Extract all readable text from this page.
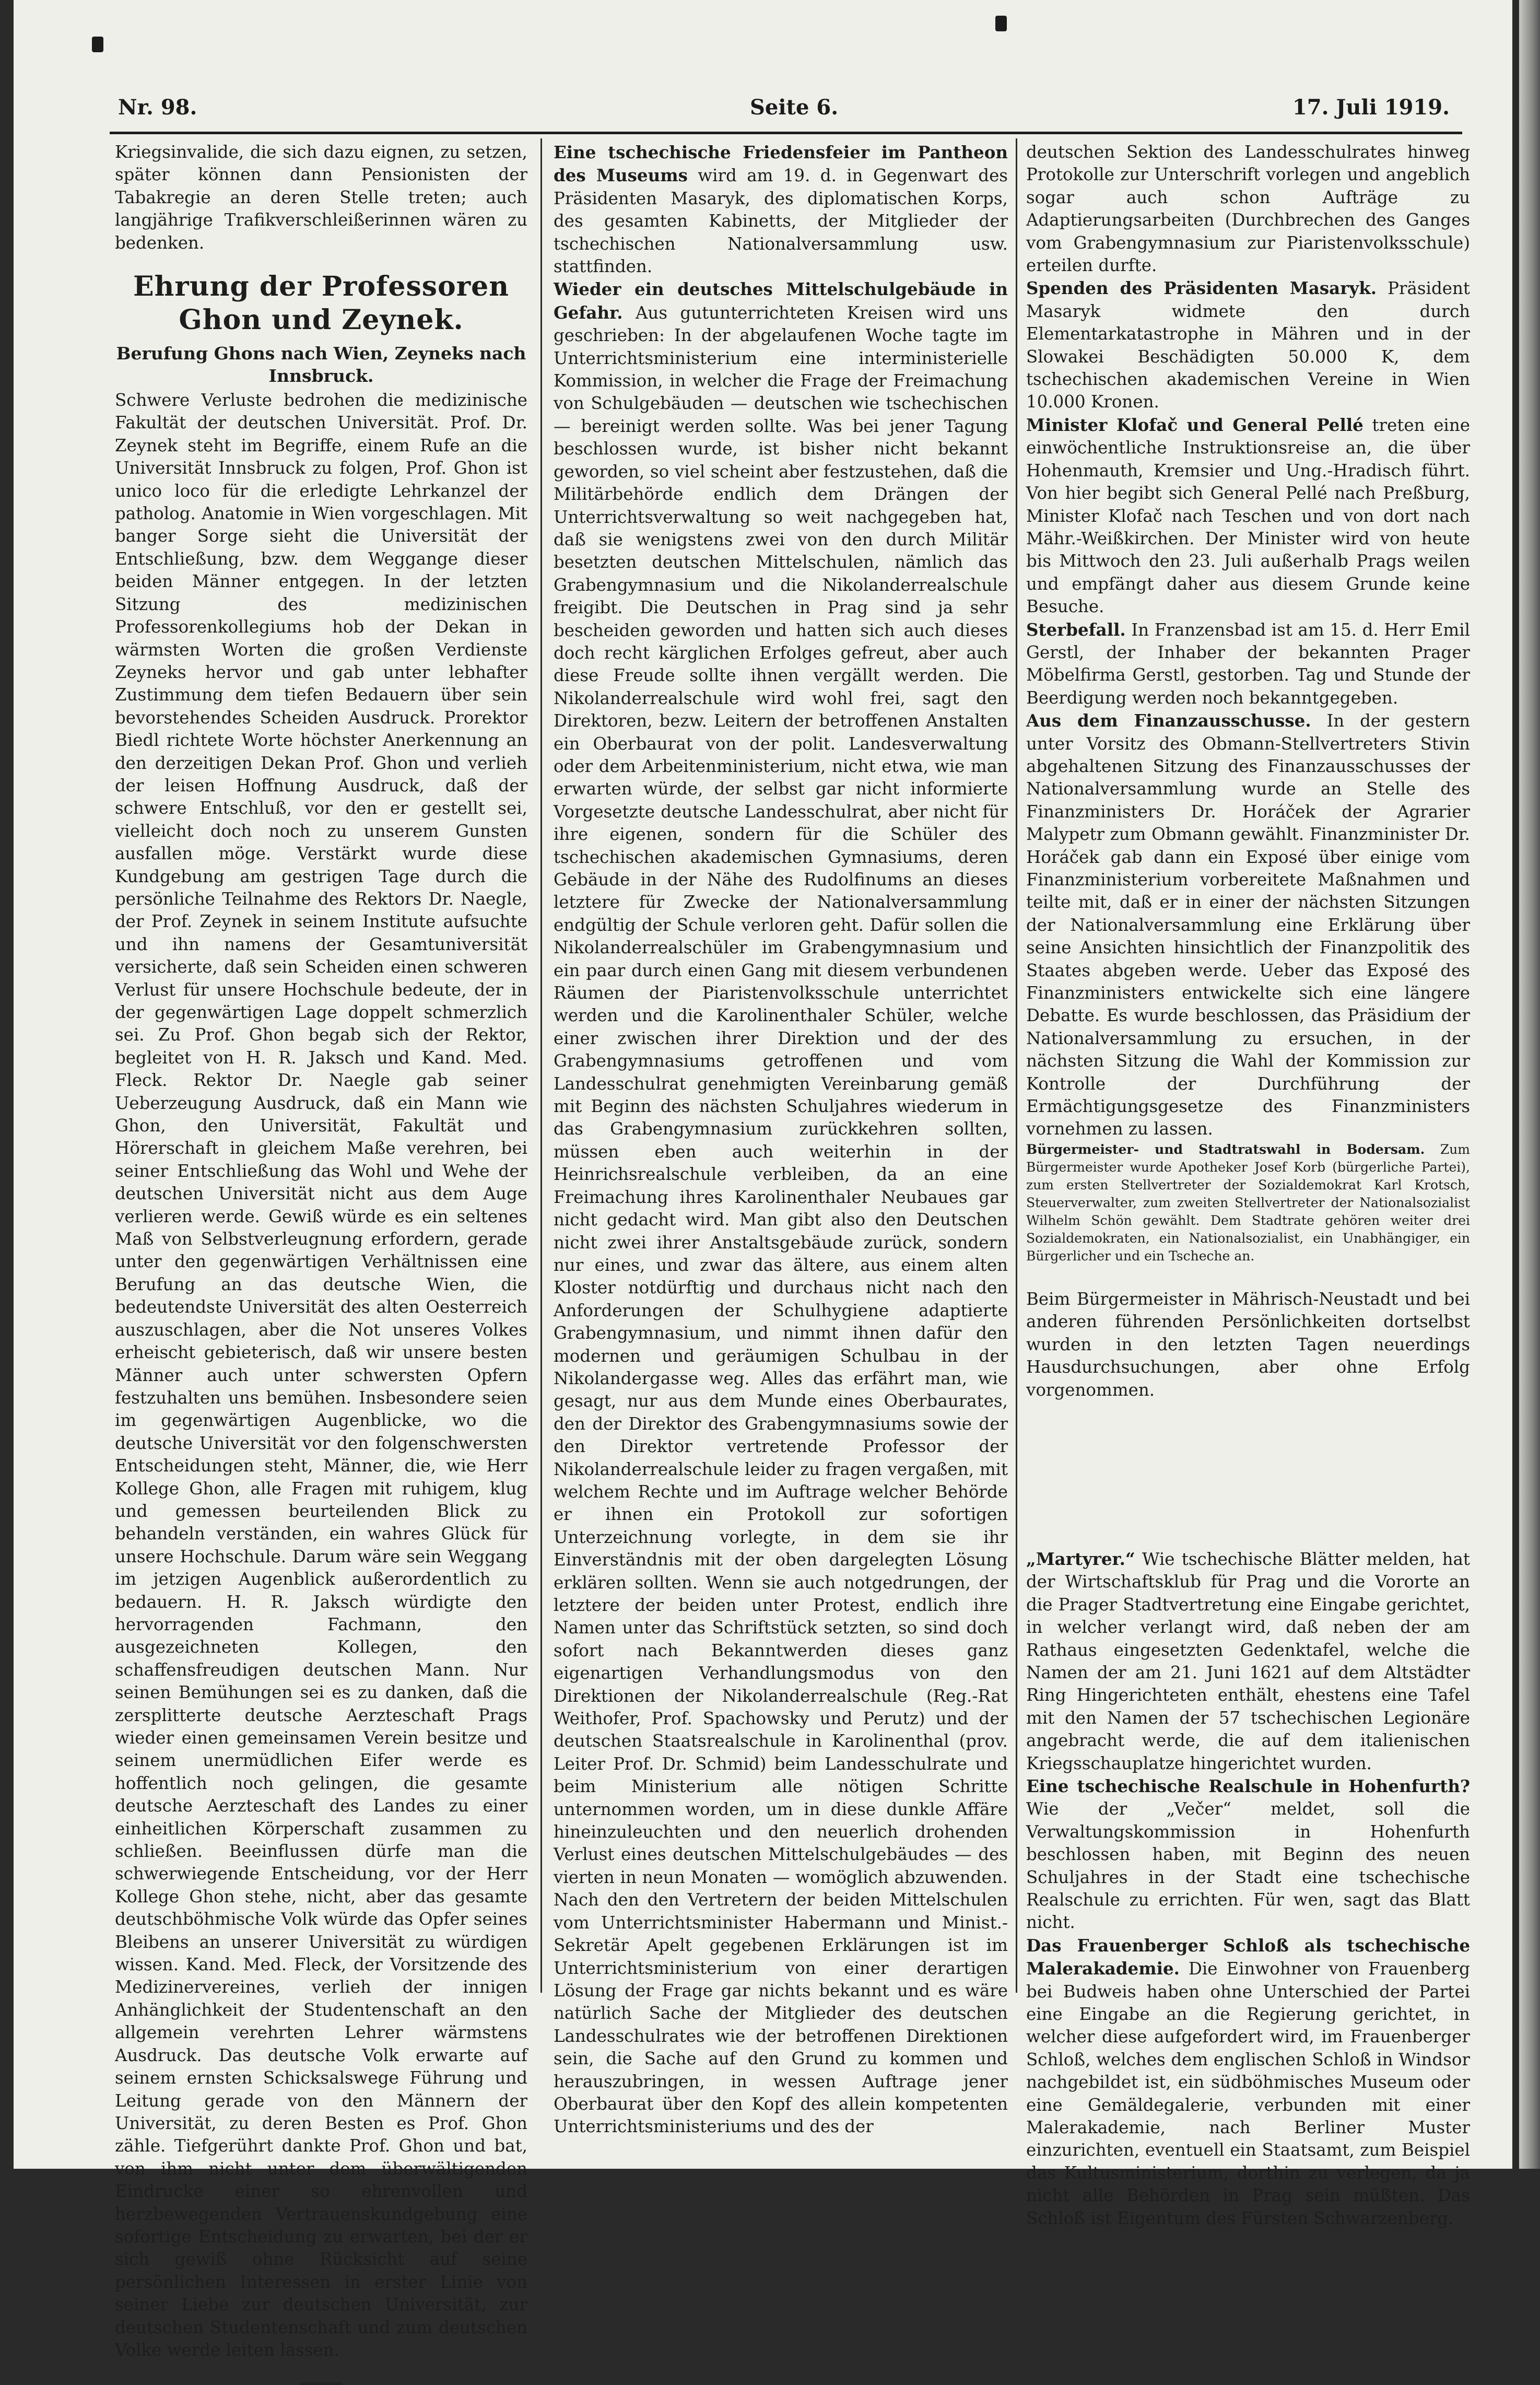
Nr. 98.	Seite 6.	17. Juli 1919.

Kriegsinvalide, die sich dazu eignen, zu setzen, später können dann Pensionisten der Tabakregie an deren Stelle treten; auch langjährige Trafikverschleißerinnen wären zu bedenken.

Ehrung der Professoren Ghon und Zeynek.
Berufung Ghons nach Wien, Zeyneks nach Innsbruck.

Schwere Verluste bedrohen die medizinische Fakultät der deutschen Universität. Prof. Dr. Zeynek steht im Begriffe, einem Rufe an die Universität Innsbruck zu folgen, Prof. Ghon ist unico loco für die erledigte Lehrkanzel der patholog. Anatomie in Wien vorgeschlagen. Mit banger Sorge sieht die Universität der Entschließung, bzw. dem Weggange dieser beiden Männer entgegen. In der letzten Sitzung des medizinischen Professorenkollegiums hob der Dekan in wärmsten Worten die großen Verdienste Zeyneks hervor und gab unter lebhafter Zustimmung dem tiefen Bedauern über sein bevorstehendes Scheiden Ausdruck. Prorektor Biedl richtete Worte höchster Anerkennung an den derzeitigen Dekan Prof. Ghon und verlieh der leisen Hoffnung Ausdruck, daß der schwere Entschluß, vor den er gestellt sei, vielleicht doch noch zu unserem Gunsten ausfallen möge. Verstärkt wurde diese Kundgebung am gestrigen Tage durch die persönliche Teilnahme des Rektors Dr. Naegle, der Prof. Zeynek in seinem Institute aufsuchte und ihn namens der Gesamtuniversität versicherte, daß sein Scheiden einen schweren Verlust für unsere Hochschule bedeute, der in der gegenwärtigen Lage doppelt schmerzlich sei. Zu Prof. Ghon begab sich der Rektor, begleitet von H. R. Jaksch und Kand. Med. Fleck. Rektor Dr. Naegle gab seiner Ueberzeugung Ausdruck, daß ein Mann wie Ghon, den Universität, Fakultät und Hörerschaft in gleichem Maße verehren, bei seiner Entschließung das Wohl und Wehe der deutschen Universität nicht aus dem Auge verlieren werde. Gewiß würde es ein seltenes Maß von Selbstverleugnung erfordern, gerade unter den gegenwärtigen Verhältnissen eine Berufung an das deutsche Wien, die bedeutendste Universität des alten Oesterreich auszuschlagen, aber die Not unseres Volkes erheischt gebieterisch, daß wir unsere besten Männer auch unter schwersten Opfern festzuhalten uns bemühen. Insbesondere seien im gegenwärtigen Augenblicke, wo die deutsche Universität vor den folgenschwersten Entscheidungen steht, Männer, die, wie Herr Kollege Ghon, alle Fragen mit ruhigem, klug und gemessen beurteilenden Blick zu behandeln verständen, ein wahres Glück für unsere Hochschule. Darum wäre sein Weggang im jetzigen Augenblick außerordentlich zu bedauern. H. R. Jaksch würdigte den hervorragenden Fachmann, den ausgezeichneten Kollegen, den schaffensfreudigen deutschen Mann. Nur seinen Bemühungen sei es zu danken, daß die zersplitterte deutsche Aerzteschaft Prags wieder einen gemeinsamen Verein besitze und seinem unermüdlichen Eifer werde es hoffentlich noch gelingen, die gesamte deutsche Aerzteschaft des Landes zu einer einheitlichen Körperschaft zusammen zu schließen. Beeinflussen dürfe man die schwerwiegende Entscheidung, vor der Herr Kollege Ghon stehe, nicht, aber das gesamte deutschböhmische Volk würde das Opfer seines Bleibens an unserer Universität zu würdigen wissen. Kand. Med. Fleck, der Vorsitzende des Medizinervereines, verlieh der innigen Anhänglichkeit der Studentenschaft an den allgemein verehrten Lehrer wärmstens Ausdruck. Das deutsche Volk erwarte auf seinem ernsten Schicksalswege Führung und Leitung gerade von den Männern der Universität, zu deren Besten es Prof. Ghon zähle. Tiefgerührt dankte Prof. Ghon und bat, von ihm nicht unter dem überwältigenden Eindrucke einer so ehrenvollen und herzbewegenden Vertrauenskundgebung eine sofortige Entscheidung zu erwarten, bei der er sich gewiß ohne Rücksicht auf seine persönlichen Interessen in erster Linie von seiner Liebe zur deutschen Universität, zur deutschen Studentenschaft und zum deutschen Volke werde leiten lassen.

Eine tschechische Friedensfeier im Pantheon des Museums wird am 19. d. in Gegenwart des Präsidenten Masaryk, des diplomatischen Korps, des gesamten Kabinetts, der Mitglieder der tschechischen Nationalversammlung usw. stattfinden.

Wieder ein deutsches Mittelschulgebäude in Gefahr. Aus gutunterrichteten Kreisen wird uns geschrieben: In der abgelaufenen Woche tagte im Unterrichtsministerium eine interministerielle Kommission, in welcher die Frage der Freimachung von Schulgebäuden — deutschen wie tschechischen — bereinigt werden sollte. Was bei jener Tagung beschlossen wurde, ist bisher nicht bekannt geworden, so viel scheint aber festzustehen, daß die Militärbehörde endlich dem Drängen der Unterrichtsverwaltung so weit nachgegeben hat, daß sie wenigstens zwei von den durch Militär besetzten deutschen Mittelschulen, nämlich das Grabengymnasium und die Nikolanderrealschule freigibt. Die Deutschen in Prag sind ja sehr bescheiden geworden und hatten sich auch dieses doch recht kärglichen Erfolges gefreut, aber auch diese Freude sollte ihnen vergällt werden. Die Nikolanderrealschule wird wohl frei, sagt den Direktoren, bezw. Leitern der betroffenen Anstalten ein Oberbaurat von der polit. Landesverwaltung oder dem Arbeitenministerium, nicht etwa, wie man erwarten würde, der selbst gar nicht informierte Vorgesetzte deutsche Landesschulrat, aber nicht für ihre eigenen, sondern für die Schüler des tschechischen akademischen Gymnasiums, deren Gebäude in der Nähe des Rudolfinums an dieses letztere für Zwecke der Nationalversammlung endgültig der Schule verloren geht. Dafür sollen die Nikolanderrealschüler im Grabengymnasium und ein paar durch einen Gang mit diesem verbundenen Räumen der Piaristenvolksschule unterrichtet werden und die Karolinenthaler Schüler, welche einer zwischen ihrer Direktion und der des Grabengymnasiums getroffenen und vom Landesschulrat genehmigten Vereinbarung gemäß mit Beginn des nächsten Schuljahres wiederum in das Grabengymnasium zurückkehren sollten, müssen eben auch weiterhin in der Heinrichsrealschule verbleiben, da an eine Freimachung ihres Karolinenthaler Neubaues gar nicht gedacht wird. Man gibt also den Deutschen nicht zwei ihrer Anstaltsgebäude zurück, sondern nur eines, und zwar das ältere, aus einem alten Kloster notdürftig und durchaus nicht nach den Anforderungen der Schulhygiene adaptierte Grabengymnasium, und nimmt ihnen dafür den modernen und geräumigen Schulbau in der Nikolandergasse weg. Alles das erfährt man, wie gesagt, nur aus dem Munde eines Oberbaurates, den der Direktor des Grabengymnasiums sowie der den Direktor vertretende Professor der Nikolanderrealschule leider zu fragen vergaßen, mit welchem Rechte und im Auftrage welcher Behörde er ihnen ein Protokoll zur sofortigen Unterzeichnung vorlegte, in dem sie ihr Einverständnis mit der oben dargelegten Lösung erklären sollten. Wenn sie auch notgedrungen, der letztere der beiden unter Protest, endlich ihre Namen unter das Schriftstück setzten, so sind doch sofort nach Bekanntwerden dieses ganz eigenartigen Verhandlungsmodus von den Direktionen der Nikolanderrealschule (Reg.-Rat Weithofer, Prof. Spachowsky und Perutz) und der deutschen Staatsrealschule in Karolinenthal (prov. Leiter Prof. Dr. Schmid) beim Landesschulrate und beim Ministerium alle nötigen Schritte unternommen worden, um in diese dunkle Affäre hineinzuleuchten und den neuerlich drohenden Verlust eines deutschen Mittelschulgebäudes — des vierten in neun Monaten — womöglich abzuwenden. Nach den den Vertretern der beiden Mittelschulen vom Unterrichtsminister Habermann und Minist.-Sekretär Apelt gegebenen Erklärungen ist im Unterrichtsministerium von einer derartigen Lösung der Frage gar nichts bekannt und es wäre natürlich Sache der Mitglieder des deutschen Landesschulrates wie der betroffenen Direktionen sein, die Sache auf den Grund zu kommen und herauszubringen, in wessen Auftrage jener Oberbaurat über den Kopf des allein kompetenten Unterrichtsministeriums und des der

deutschen Sektion des Landesschulrates hinweg Protokolle zur Unterschrift vorlegen und angeblich sogar auch schon Aufträge zu Adaptierungsarbeiten (Durchbrechen des Ganges vom Grabengymnasium zur Piaristenvolksschule) erteilen durfte.

Spenden des Präsidenten Masaryk. Präsident Masaryk widmete den durch Elementarkatastrophe in Mähren und in der Slowakei Beschädigten 50.000 K, dem tschechischen akademischen Vereine in Wien 10.000 Kronen.

Minister Klofač und General Pellé treten eine einwöchentliche Instruktionsreise an, die über Hohenmauth, Kremsier und Ung.-Hradisch führt. Von hier begibt sich General Pellé nach Preßburg, Minister Klofač nach Teschen und von dort nach Mähr.-Weißkirchen. Der Minister wird von heute bis Mittwoch den 23. Juli außerhalb Prags weilen und empfängt daher aus diesem Grunde keine Besuche.

Sterbefall. In Franzensbad ist am 15. d. Herr Emil Gerstl, der Inhaber der bekannten Prager Möbelfirma Gerstl, gestorben. Tag und Stunde der Beerdigung werden noch bekanntgegeben.

Aus dem Finanzausschusse. In der gestern unter Vorsitz des Obmann-Stellvertreters Stivin abgehaltenen Sitzung des Finanzausschusses der Nationalversammlung wurde an Stelle des Finanzministers Dr. Horáček der Agrarier Malypetr zum Obmann gewählt. Finanzminister Dr. Horáček gab dann ein Exposé über einige vom Finanzministerium vorbereitete Maßnahmen und teilte mit, daß er in einer der nächsten Sitzungen der Nationalversammlung eine Erklärung über seine Ansichten hinsichtlich der Finanzpolitik des Staates abgeben werde. Ueber das Exposé des Finanzministers entwickelte sich eine längere Debatte. Es wurde beschlossen, das Präsidium der Nationalversammlung zu ersuchen, in der nächsten Sitzung die Wahl der Kommission zur Kontrolle der Durchführung der Ermächtigungsgesetze des Finanzministers vornehmen zu lassen.

Bürgermeister- und Stadtratswahl in Bodersam. Zum Bürgermeister wurde Apotheker Josef Korb (bürgerliche Partei), zum ersten Stellvertreter der Sozialdemokrat Karl Krotsch, Steuerverwalter, zum zweiten Stellvertreter der Nationalsozialist Wilhelm Schön gewählt. Dem Stadtrate gehören weiter drei Sozialdemokraten, ein Nationalsozialist, ein Unabhängiger, ein Bürgerlicher und ein Tscheche an.

Beim Bürgermeister in Mährisch-Neustadt und bei anderen führenden Persönlichkeiten dortselbst wurden in den letzten Tagen neuerdings Hausdurchsuchungen, aber ohne Erfolg vorgenommen.

„Martyrer.“ Wie tschechische Blätter melden, hat der Wirtschaftsklub für Prag und die Vororte an die Prager Stadtvertretung eine Eingabe gerichtet, in welcher verlangt wird, daß neben der am Rathaus eingesetzten Gedenktafel, welche die Namen der am 21. Juni 1621 auf dem Altstädter Ring Hingerichteten enthält, ehestens eine Tafel mit den Namen der 57 tschechischen Legionäre angebracht werde, die auf dem italienischen Kriegsschauplatze hingerichtet wurden.

Eine tschechische Realschule in Hohenfurth? Wie der „Večer“ meldet, soll die Verwaltungskommission in Hohenfurth beschlossen haben, mit Beginn des neuen Schuljahres in der Stadt eine tschechische Realschule zu errichten. Für wen, sagt das Blatt nicht.

Das Frauenberger Schloß als tschechische Malerakademie. Die Einwohner von Frauenberg bei Budweis haben ohne Unterschied der Partei eine Eingabe an die Regierung gerichtet, in welcher diese aufgefordert wird, im Frauenberger Schloß, welches dem englischen Schloß in Windsor nachgebildet ist, ein südböhmisches Museum oder eine Gemäldegalerie, verbunden mit einer Malerakademie, nach Berliner Muster einzurichten, eventuell ein Staatsamt, zum Beispiel das Kultusministerium, dorthin zu verlegen, da ja nicht alle Behörden in Prag sein müßten. Das Schloß ist Eigentum des Fürsten Schwarzenberg.
